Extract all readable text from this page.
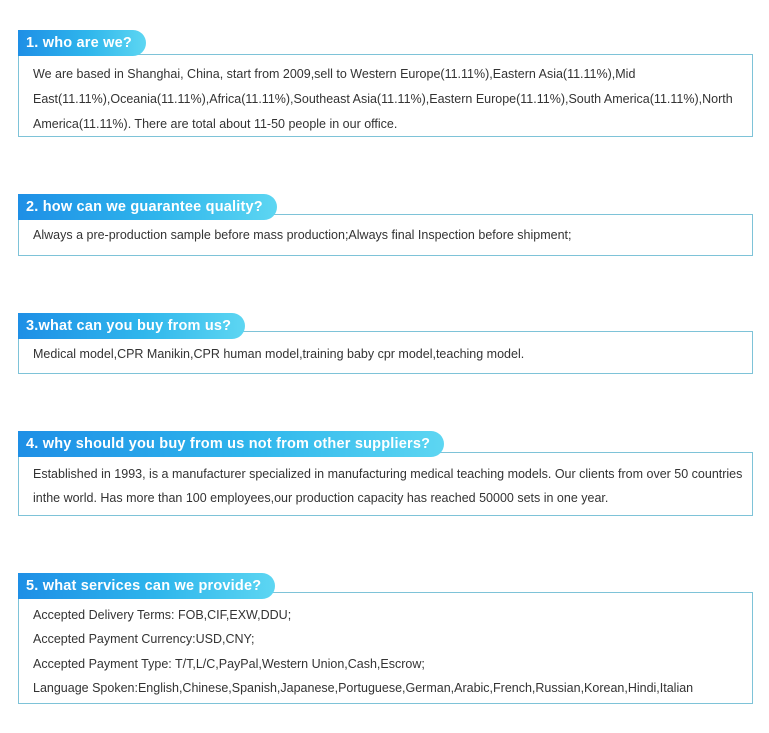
We are based in Shanghai, China, start from 2009,sell to Western Europe(11.11%),Eastern Asia(11.11%),Mid
East(11.11%),Oceania(11.11%),Africa(11.11%),Southeast Asia(11.11%),Eastern Europe(11.11%),South America(11.11%),North
America(11.11%). There are total about 11-50 people in our office.
1. who are we?
Always a pre-production sample before mass production;Always final Inspection before shipment;
2. how can we guarantee quality?
Medical model,CPR Manikin,CPR human model,training baby cpr model,teaching model.
3.what can you buy from us?
Established in 1993, is a manufacturer specialized in manufacturing medical teaching models. Our clients from over 50 countries
inthe world. Has more than 100 employees,our production capacity has reached 50000 sets in one year.
4. why should you buy from us not from other suppliers?
Accepted Delivery Terms: FOB,CIF,EXW,DDU;
Accepted Payment Currency:USD,CNY;
Accepted Payment Type: T/T,L/C,PayPal,Western Union,Cash,Escrow;
Language Spoken:English,Chinese,Spanish,Japanese,Portuguese,German,Arabic,French,Russian,Korean,Hindi,Italian
5. what services can we provide?
